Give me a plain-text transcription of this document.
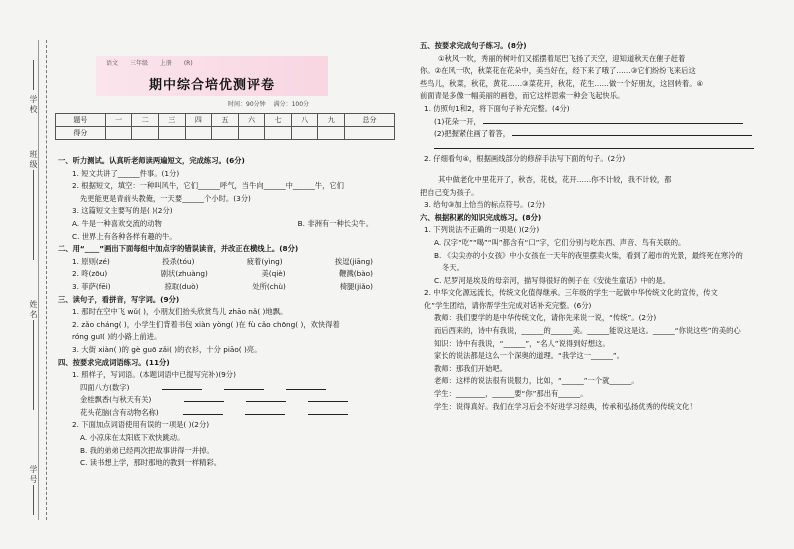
学校
班级
姓名
学号
语文 三年级 上册 (R)
期中综合培优测评卷
时间：90分钟 满分：100分
题号	一	二	三	四	五	六	七	八	九	总分
得分										
一、听力测试。认真听老师读两遍短文，完成练习。(6分)
1. 短文共讲了______件事。(1分)
2. 根据短文，填空：一种叫风牛，它们______呼气，当牛向______中______牛，它们
先更能更是青前头教俺，一天要______个小时。(3分)
3. 这篇短文主要写的是( )(2分)
A. 牛是一种喜欢交流的动物	B. 非洲有一种长尖牛。
C. 世界上有各种各样有趣的牛。
二、用“____”画出下面每组中加点字的错误读音，并改正在横线上。(8分)
1. 原则(zé)	投杀(tóu)	疲着(yìng)	挨逗(jiāng)
2. 咚(zōu)	剧状(zhuàng)	美(qiè)	鞭溅(bào)
3. 菲萨(fēi)	掠取(duò)	处所(chù)	椅腿(jiǎo)
三、读句子，看拼音，写字词。(9分)
1. 那时在空中飞 wǔ( )，小朋友们抬头欣赏鸟儿 zhāo nǎ( )地飘。
2. zǎo cháng( )，小学生们背着书包 xiàn yòng( )在 fù cǎo chōng( )，欢快得着
róng guī( )的小路上前进。
3. 大街 xiàn( )的 gè guō zǎi( )的衣衫，十分 piāo( )亮。
四、按要求完成词语练习。(11分)
1. 照样子，写词语。(本题词语中已提写完补)(9分)
四面八方(数字)
金桂飘香(与秋天有关)
花头花脑(含有动物名称)
2. 下面加点词语使用有误的一项是( )(2分)
A. 小凉床在太阳底下欢快跳动。
B. 我的弟弟已经两次把故事讲得一并掉。
C. 读书想上学，那时那地的教到一样精彩。
五、按要求完成句子练习。(8分)
①秋风一吹，秀丽的树叶们又摇摆着尾巴飞扬了天空，迎知道秋天在催子赶着
你。②在风一吹，秋菜花在花朵中，美当好在，经下来了哦了……③它们纷纷飞来后这
些鸟儿，秋菜，秋花，黄花……③菜花开，秋花，花生……做一个好朋友，这回转着。④
前面青是多像一幅美丽的画卷，而它这样思索一种会飞起快乐。
1. 仿照句1和2，将下面句子补充完整。(4分)
(1)花朵一开，
(2)把握紧住画了着答，
2. 仔细看句④，根据画线部分的修辞手法写下面的句子。(2分)
其中做老化中里花开了，秋杏，花枝，花开……你不计较，我不计较，都
把自己变为孩子。
3. 给句③加上恰当的标点符号。(2分)
六、根据积累的知识完成练习。(8分)
1. 下列说法不正确的一项是( )(2分)
A. 汉字“吃”“喝”“叫”都含有“口”字，它们分别与吃东西、声音、鸟有关联的。
B. 《尖尖亦的小女孩》中小女孩在一天年的夜里摆卖火柴，看到了超市的光景，最终死在寒冷的
冬天。
C. 尼罗河是埃及的母亲河，描写得很好的例子在《安徒生童话》中的是。
2. 中华文化源远流长，传统文化值得继承。三年级的学生一起做中华传统文化的宣传，传文
化”学生团结，请你帮学生完成对话补充完整。(6分)
教师：我们要学的是中华传统文化，请你先来说一说，“传统”。(2分)
而后西来的，诗中有我说，______的______美。______能说这是这。______“你说这些”的美的心
知识：诗中有我说，“______”，“名人”说得到好想这。
家长的说法都是这么一个深奥的道理。“我学这一______”。
教师：那我们开始吧。
老师：这样的说法很有说服力，比如，“______”一个就______。
学生：________，______要“你”那出有______。
学生：说得真好。我们在学习后会不好进学习经典，传承和弘扬优秀的传统文化！
